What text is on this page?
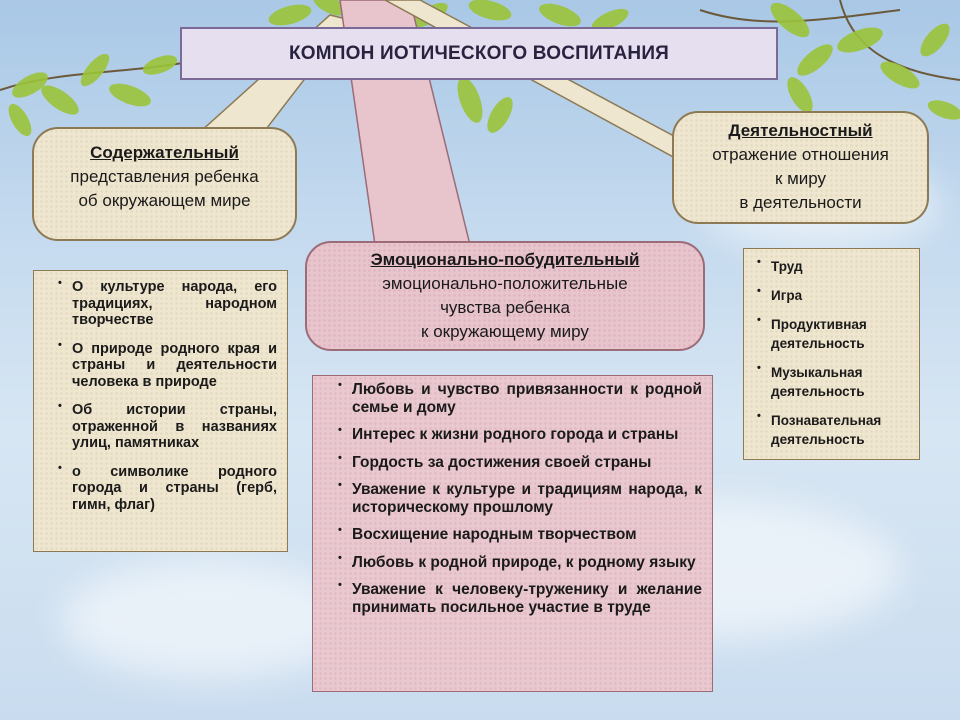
КОМПОН ИОТИЧЕСКОГО ВОСПИТАНИЯ
Содержательный
представления ребенка
об окружающем мире
Эмоционально-побудительный
эмоционально-положительные
чувства ребенка
к окружающему миру
Деятельностный
отражение отношения
к миру
в деятельности
• О культуре народа, его традициях, народном творчестве
• О природе родного края и страны и деятельности человека в природе
• Об истории страны, отраженной в названиях улиц, памятниках
• о символике родного города и страны (герб, гимн, флаг)
• Любовь и чувство привязанности к родной семье и дому
• Интерес к жизни родного города и страны
• Гордость за достижения своей страны
• Уважение к культуре и традициям народа, к историческому прошлому
• Восхищение народным творчеством
• Любовь к родной природе, к родному языку
• Уважение к человеку-труженику и желание принимать посильное участие в труде
• Труд
• Игра
• Продуктивная деятельность
• Музыкальная деятельность
• Познавательная деятельность
